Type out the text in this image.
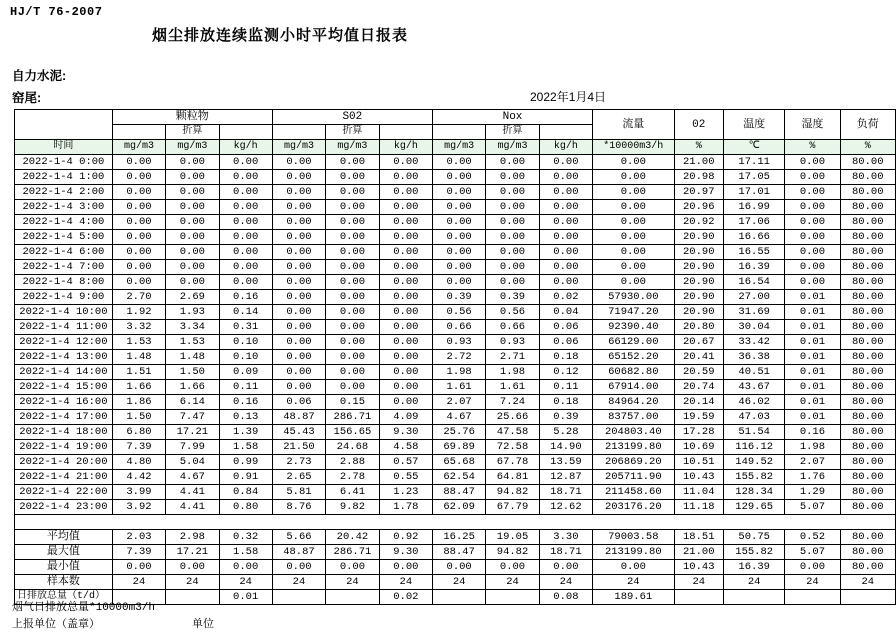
HJ/T 76-2007
烟尘排放连续监测小时平均值日报表
自力水泥:
窑尾:	2022年1月4日
	颗粒物			S02			Nox			流量	02	温度	湿度	负荷
		折算			折算			折算						
时间	mg/m3	mg/m3	kg/h	mg/m3	mg/m3	kg/h	mg/m3	mg/m3	kg/h	*10000m3/h	%	℃	%	%
2022-1-4 0:00	0.00	0.00	0.00	0.00	0.00	0.00	0.00	0.00	0.00	0.00	21.00	17.11	0.00	80.00
2022-1-4 1:00	0.00	0.00	0.00	0.00	0.00	0.00	0.00	0.00	0.00	0.00	20.98	17.05	0.00	80.00
2022-1-4 2:00	0.00	0.00	0.00	0.00	0.00	0.00	0.00	0.00	0.00	0.00	20.97	17.01	0.00	80.00
2022-1-4 3:00	0.00	0.00	0.00	0.00	0.00	0.00	0.00	0.00	0.00	0.00	20.96	16.99	0.00	80.00
2022-1-4 4:00	0.00	0.00	0.00	0.00	0.00	0.00	0.00	0.00	0.00	0.00	20.92	17.06	0.00	80.00
2022-1-4 5:00	0.00	0.00	0.00	0.00	0.00	0.00	0.00	0.00	0.00	0.00	20.90	16.66	0.00	80.00
2022-1-4 6:00	0.00	0.00	0.00	0.00	0.00	0.00	0.00	0.00	0.00	0.00	20.90	16.55	0.00	80.00
2022-1-4 7:00	0.00	0.00	0.00	0.00	0.00	0.00	0.00	0.00	0.00	0.00	20.90	16.39	0.00	80.00
2022-1-4 8:00	0.00	0.00	0.00	0.00	0.00	0.00	0.00	0.00	0.00	0.00	20.90	16.54	0.00	80.00
2022-1-4 9:00	2.70	2.69	0.16	0.00	0.00	0.00	0.39	0.39	0.02	57930.00	20.90	27.00	0.01	80.00
2022-1-4 10:00	1.92	1.93	0.14	0.00	0.00	0.00	0.56	0.56	0.04	71947.20	20.90	31.69	0.01	80.00
2022-1-4 11:00	3.32	3.34	0.31	0.00	0.00	0.00	0.66	0.66	0.06	92390.40	20.80	30.04	0.01	80.00
2022-1-4 12:00	1.53	1.53	0.10	0.00	0.00	0.00	0.93	0.93	0.06	66129.00	20.67	33.42	0.01	80.00
2022-1-4 13:00	1.48	1.48	0.10	0.00	0.00	0.00	2.72	2.71	0.18	65152.20	20.41	36.38	0.01	80.00
2022-1-4 14:00	1.51	1.50	0.09	0.00	0.00	0.00	1.98	1.98	0.12	60682.80	20.59	40.51	0.01	80.00
2022-1-4 15:00	1.66	1.66	0.11	0.00	0.00	0.00	1.61	1.61	0.11	67914.00	20.74	43.67	0.01	80.00
2022-1-4 16:00	1.86	6.14	0.16	0.06	0.15	0.00	2.07	7.24	0.18	84964.20	20.14	46.02	0.01	80.00
2022-1-4 17:00	1.50	7.47	0.13	48.87	286.71	4.09	4.67	25.66	0.39	83757.00	19.59	47.03	0.01	80.00
2022-1-4 18:00	6.80	17.21	1.39	45.43	156.65	9.30	25.76	47.58	5.28	204803.40	17.28	51.54	0.16	80.00
2022-1-4 19:00	7.39	7.99	1.58	21.50	24.68	4.58	69.89	72.58	14.90	213199.80	10.69	116.12	1.98	80.00
2022-1-4 20:00	4.80	5.04	0.99	2.73	2.88	0.57	65.68	67.78	13.59	206869.20	10.51	149.52	2.07	80.00
2022-1-4 21:00	4.42	4.67	0.91	2.65	2.78	0.55	62.54	64.81	12.87	205711.90	10.43	155.82	1.76	80.00
2022-1-4 22:00	3.99	4.41	0.84	5.81	6.41	1.23	88.47	94.82	18.71	211458.60	11.04	128.34	1.29	80.00
2022-1-4 23:00	3.92	4.41	0.80	8.76	9.82	1.78	62.09	67.79	12.62	203176.20	11.18	129.65	5.07	80.00

平均值	2.03	2.98	0.32	5.66	20.42	0.92	16.25	19.05	3.30	79003.58	18.51	50.75	0.52	80.00
最大值	7.39	17.21	1.58	48.87	286.71	9.30	88.47	94.82	18.71	213199.80	21.00	155.82	5.07	80.00
最小值	0.00	0.00	0.00	0.00	0.00	0.00	0.00	0.00	0.00	0.00	10.43	16.39	0.00	80.00
样本数	24	24	24	24	24	24	24	24	24	24	24	24	24	24
日排放总量（t/d）			0.01			0.02			0.08	189.61				
烟气日排放总量*10000m3/h
上报单位（盖章）	单位
